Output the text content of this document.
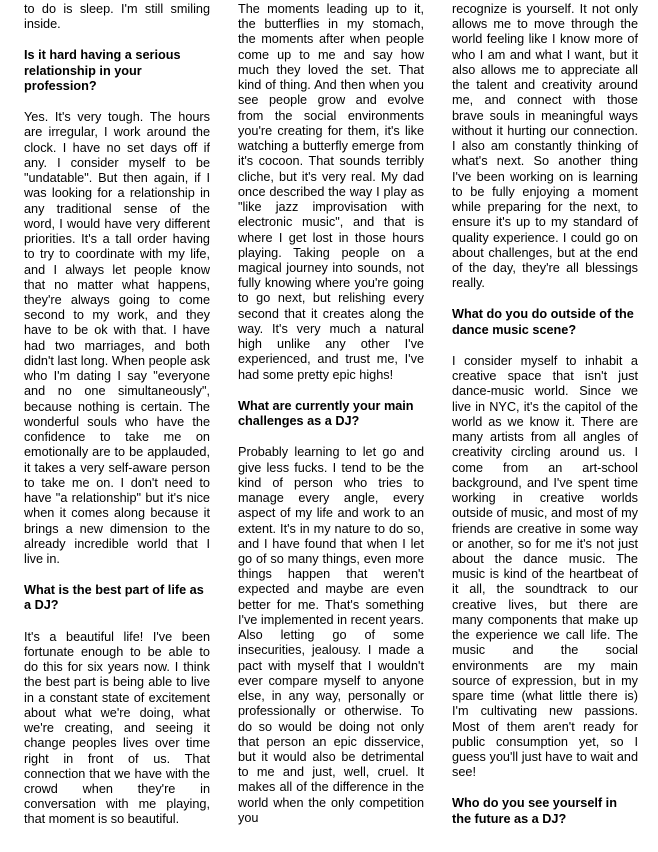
to do is sleep. I'm still smiling inside.

Is it hard having a serious relationship in your profession?

Yes. It's very tough. The hours are irregular, I work around the clock. I have no set days off if any. I consider myself to be "undatable". But then again, if I was looking for a relationship in any traditional sense of the word, I would have very different priorities. It's a tall order having to try to coordinate with my life, and I always let people know that no matter what happens, they're always going to come second to my work, and they have to be ok with that. I have had two marriages, and both didn't last long. When people ask who I'm dating I say "everyone and no one simultaneously", because nothing is certain. The wonderful souls who have the confidence to take me on emotionally are to be applauded, it takes a very self-aware person to take me on. I don't need to have "a relationship" but it's nice when it comes along because it brings a new dimension to the already incredible world that I live in.

What is the best part of life as a DJ?

It's a beautiful life! I've been fortunate enough to be able to do this for six years now. I think the best part is being able to live in a constant state of excitement about what we're doing, what we're creating, and seeing it change peoples lives over time right in front of us. That connection that we have with the crowd when they're in conversation with me playing, that moment is so beautiful.

The moments leading up to it, the butterflies in my stomach, the moments after when people come up to me and say how much they loved the set. That kind of thing. And then when you see people grow and evolve from the social environments you're creating for them, it's like watching a butterfly emerge from it's cocoon. That sounds terribly cliche, but it's very real. My dad once described the way I play as "like jazz improvisation with electronic music", and that is where I get lost in those hours playing. Taking people on a magical journey into sounds, not fully knowing where you're going to go next, but relishing every second that it creates along the way. It's very much a natural high unlike any other I've experienced, and trust me, I've had some pretty epic highs!

What are currently your main challenges as a DJ?

Probably learning to let go and give less fucks. I tend to be the kind of person who tries to manage every angle, every aspect of my life and work to an extent. It's in my nature to do so, and I have found that when I let go of so many things, even more things happen that weren't expected and maybe are even better for me. That's something I've implemented in recent years. Also letting go of some insecurities, jealousy. I made a pact with myself that I wouldn't ever compare myself to anyone else, in any way, personally or professionally or otherwise. To do so would be doing not only that person an epic disservice, but it would also be detrimental to me and just, well, cruel. It makes all of the difference in the world when the only competition you

recognize is yourself. It not only allows me to move through the world feeling like I know more of who I am and what I want, but it also allows me to appreciate all the talent and creativity around me, and connect with those brave souls in meaningful ways without it hurting our connection. I also am constantly thinking of what's next. So another thing I've been working on is learning to be fully enjoying a moment while preparing for the next, to ensure it's up to my standard of quality experience. I could go on about challenges, but at the end of the day, they're all blessings really.

What do you do outside of the dance music scene?

I consider myself to inhabit a creative space that isn't just dance-music world. Since we live in NYC, it's the capitol of the world as we know it. There are many artists from all angles of creativity circling around us. I come from an art-school background, and I've spent time working in creative worlds outside of music, and most of my friends are creative in some way or another, so for me it's not just about the dance music. The music is kind of the heartbeat of it all, the soundtrack to our creative lives, but there are many components that make up the experience we call life. The music and the social environments are my main source of expression, but in my spare time (what little there is) I'm cultivating new passions. Most of them aren't ready for public consumption yet, so I guess you'll just have to wait and see!

Who do you see yourself in the future as a DJ?
